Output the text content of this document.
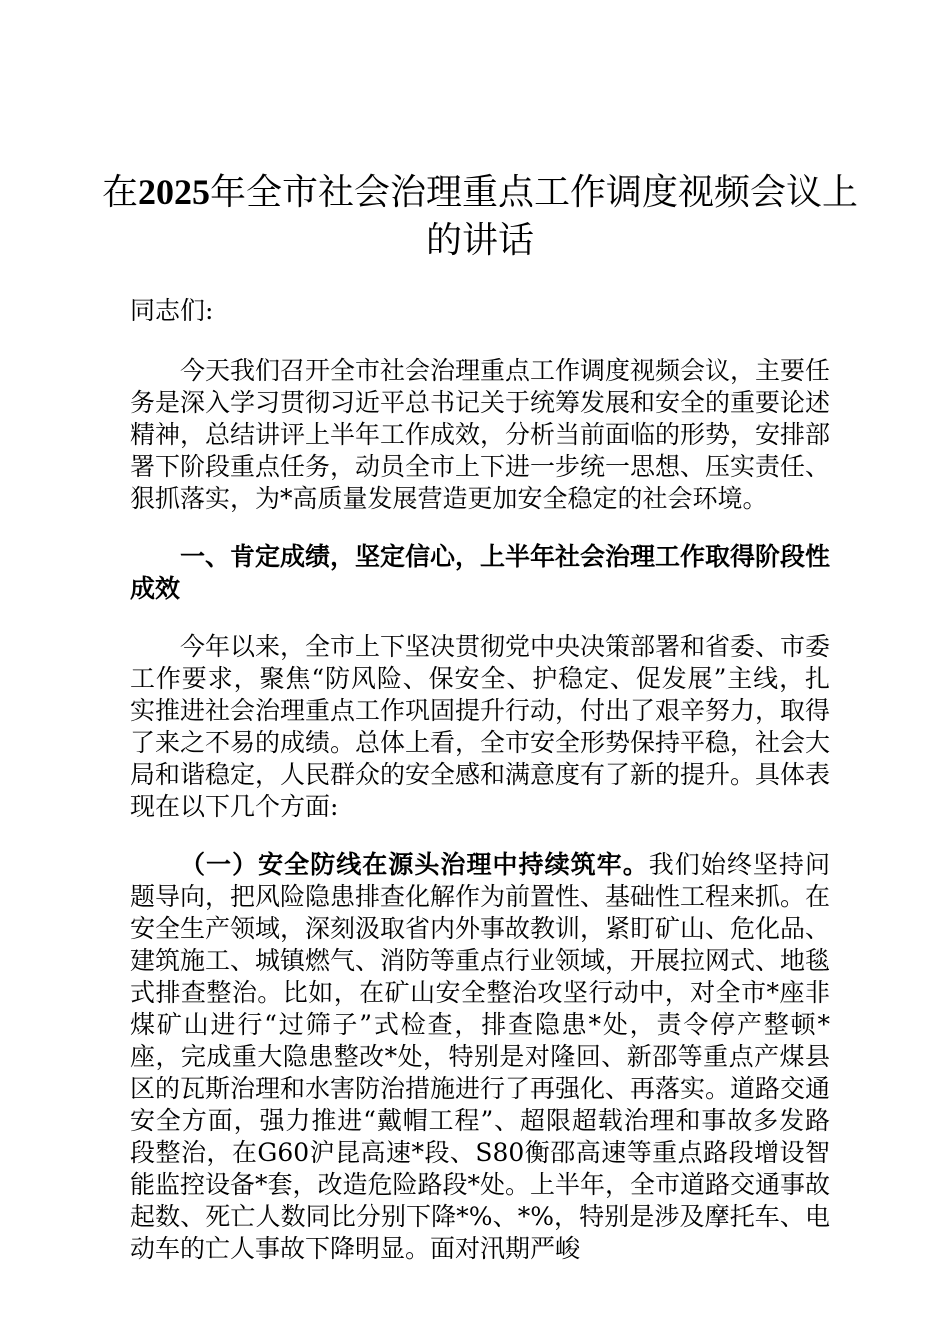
在2025年全市社会治理重点工作调度视频会议上的讲话
同志们:

今天我们召开全市社会治理重点工作调度视频会议，主要任务是深入学习贯彻习近平总书记关于统筹发展和安全的重要论述精神，总结讲评上半年工作成效，分析当前面临的形势，安排部署下阶段重点任务，动员全市上下进一步统一思想、压实责任、狠抓落实，为*高质量发展营造更加安全稳定的社会环境。

一、肯定成绩，坚定信心，上半年社会治理工作取得阶段性成效

今年以来，全市上下坚决贯彻党中央决策部署和省委、市委工作要求，聚焦“防风险、保安全、护稳定、促发展”主线，扎实推进社会治理重点工作巩固提升行动，付出了艰辛努力，取得了来之不易的成绩。总体上看，全市安全形势保持平稳，社会大局和谐稳定，人民群众的安全感和满意度有了新的提升。具体表现在以下几个方面:

（一）安全防线在源头治理中持续筑牢。我们始终坚持问题导向，把风险隐患排查化解作为前置性、基础性工程来抓。在安全生产领域，深刻汲取省内外事故教训，紧盯矿山、危化品、建筑施工、城镇燃气、消防等重点行业领域，开展拉网式、地毯式排查整治。比如，在矿山安全整治攻坚行动中，对全市*座非煤矿山进行“过筛子”式检查，排查隐患*处，责令停产整顿*座，完成重大隐患整改*处，特别是对隆回、新邵等重点产煤县区的瓦斯治理和水害防治措施进行了再强化、再落实。道路交通安全方面，强力推进“戴帽工程”、超限超载治理和事故多发路段整治，在G60沪昆高速*段、S80衡邵高速等重点路段增设智能监控设备*套，改造危险路段*处。上半年，全市道路交通事故起数、死亡人数同比分别下降*%、*%，特别是涉及摩托车、电动车的亡人事故下降明显。面对汛期严峻
